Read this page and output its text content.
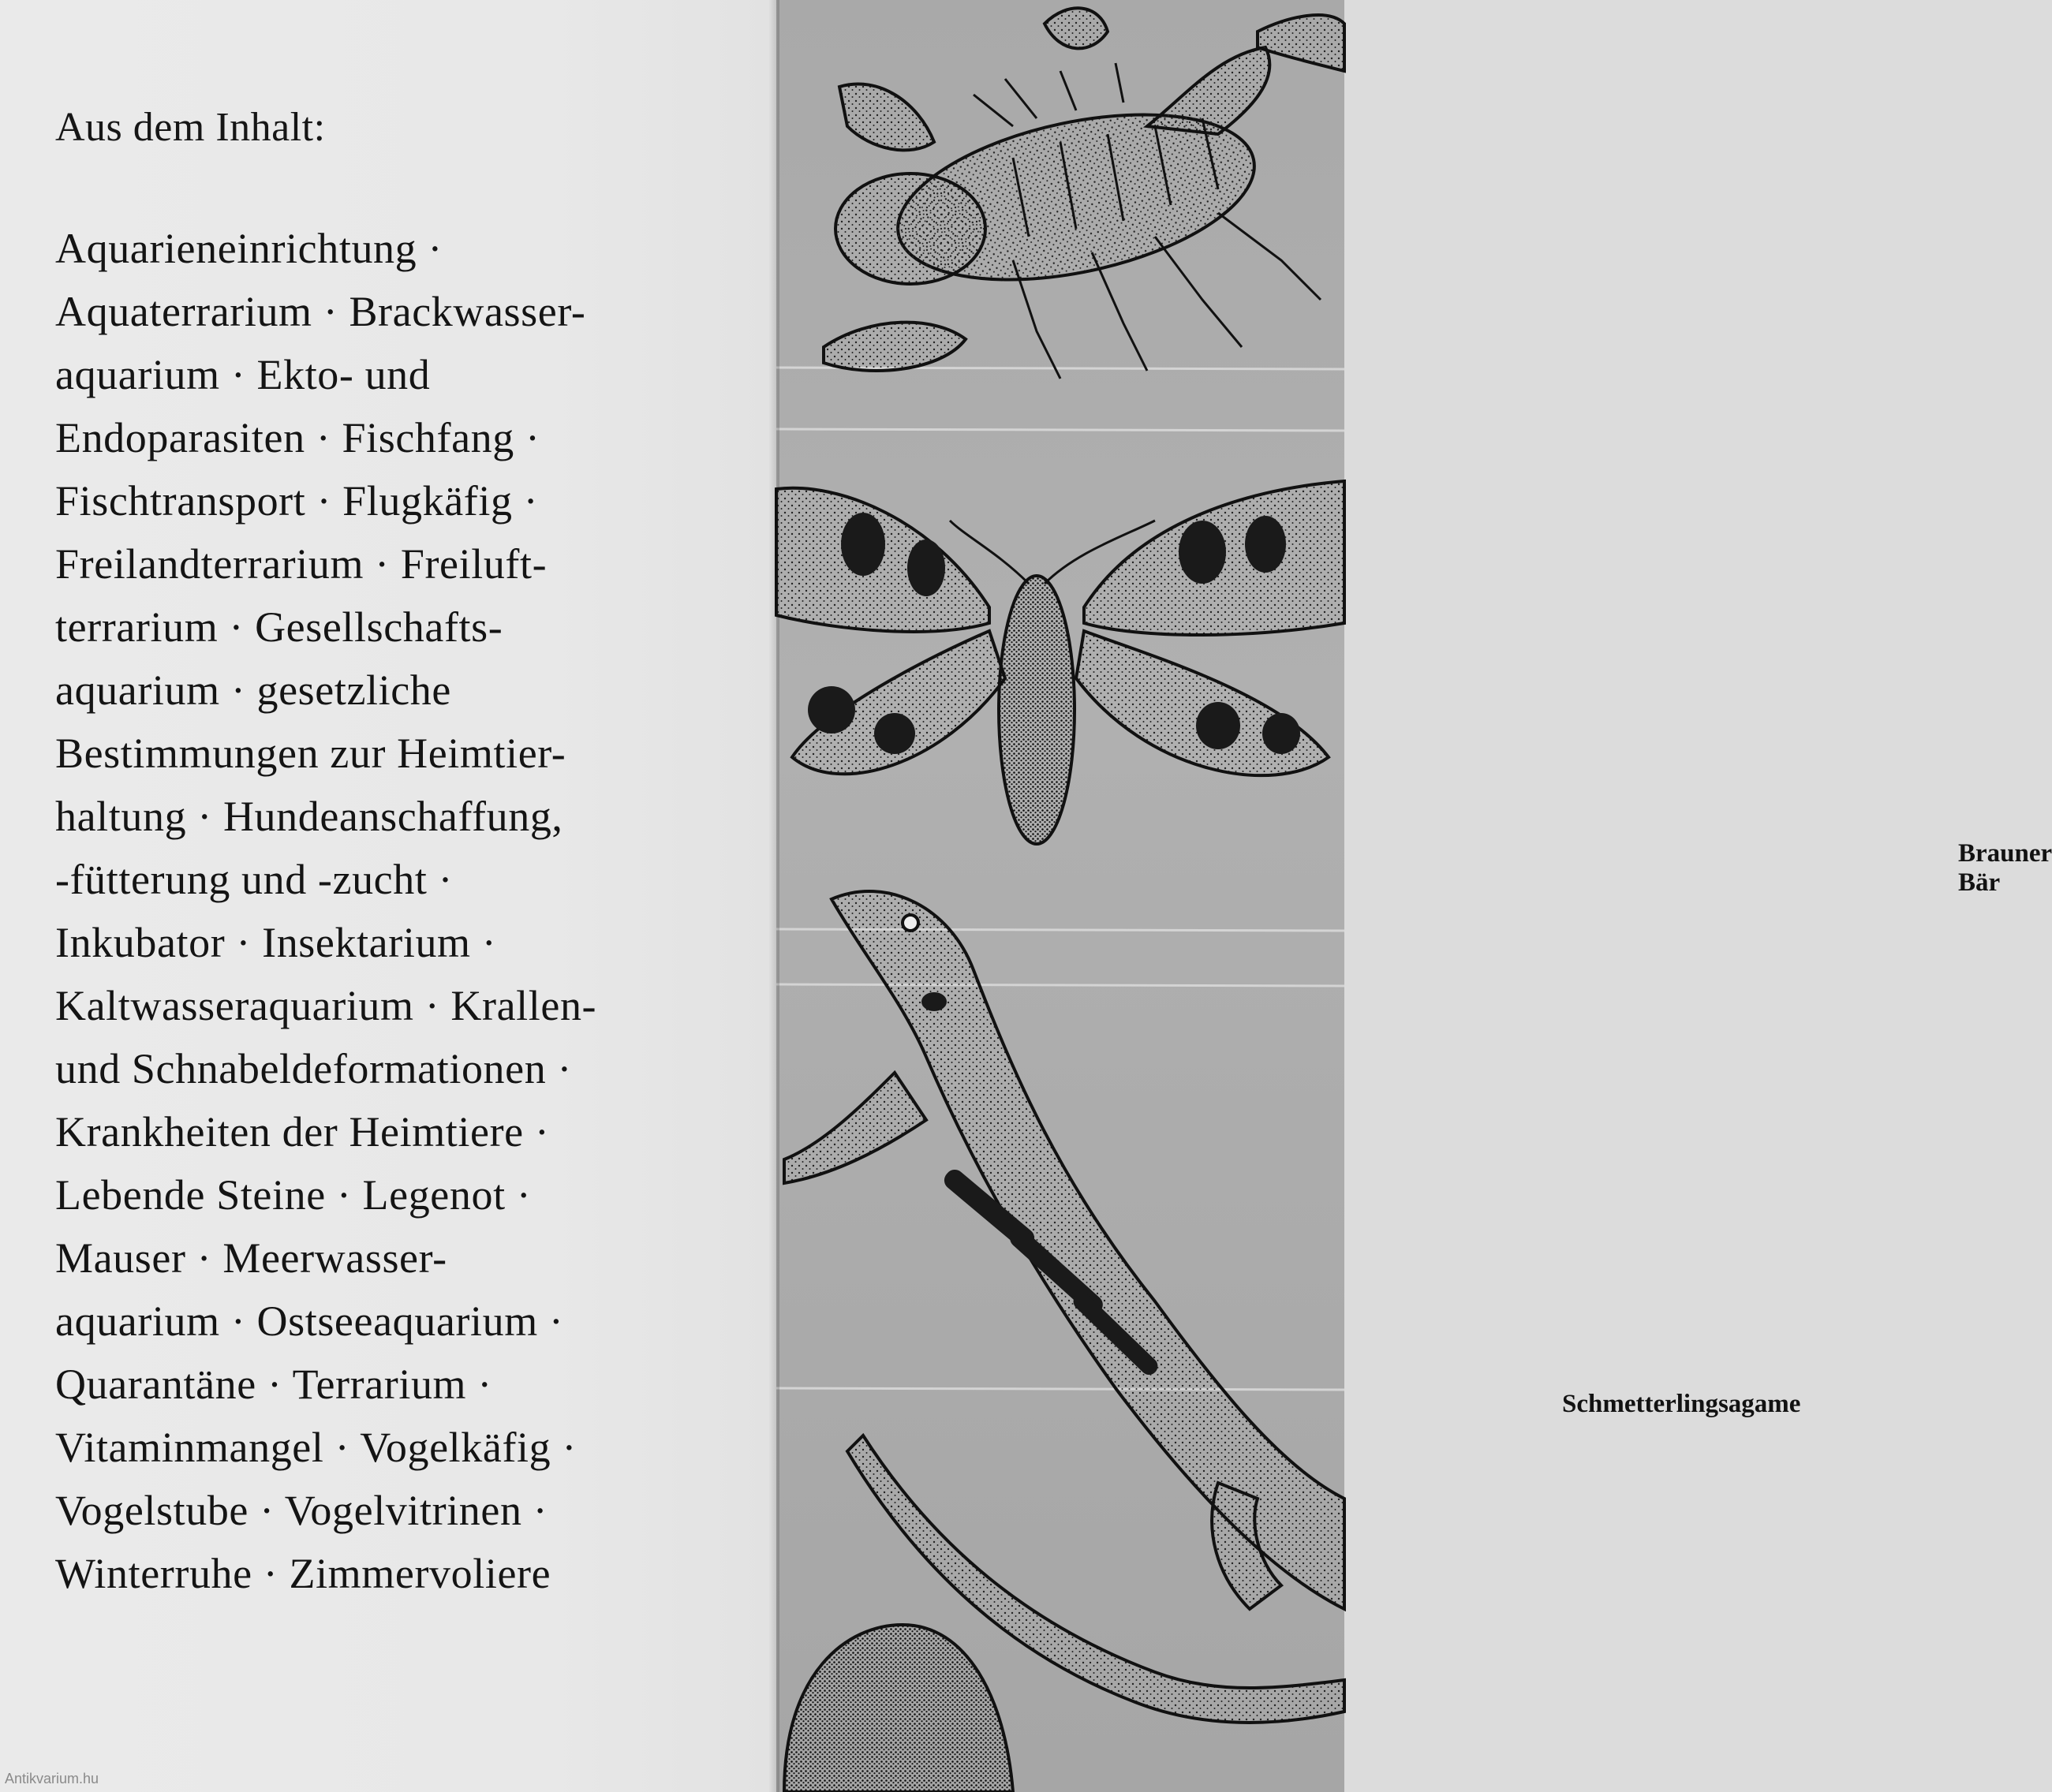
Aus dem Inhalt:
Aquarieneinrichtung ·
Aquaterrarium · Brackwasser-
aquarium · Ekto- und
Endoparasiten · Fischfang ·
Fischtransport · Flugkäfig ·
Freilandterrarium · Freiluft-
terrarium · Gesellschafts-
aquarium · gesetzliche
Bestimmungen zur Heimtier-
haltung · Hundeanschaffung,
-fütterung und -zucht ·
Inkubator · Insektarium ·
Kaltwasseraquarium · Krallen-
und Schnabeldeformationen ·
Krankheiten der Heimtiere ·
Lebende Steine · Legenot ·
Mauser · Meerwasser-
aquarium · Ostseeaquarium ·
Quarantäne · Terrarium ·
Vitaminmangel · Vogelkäfig ·
Vogelstube · Vogelvitrinen ·
Winterruhe · Zimmervoliere
Brauner Bär
Schmetterlingsagame
Antikvarium.hu
